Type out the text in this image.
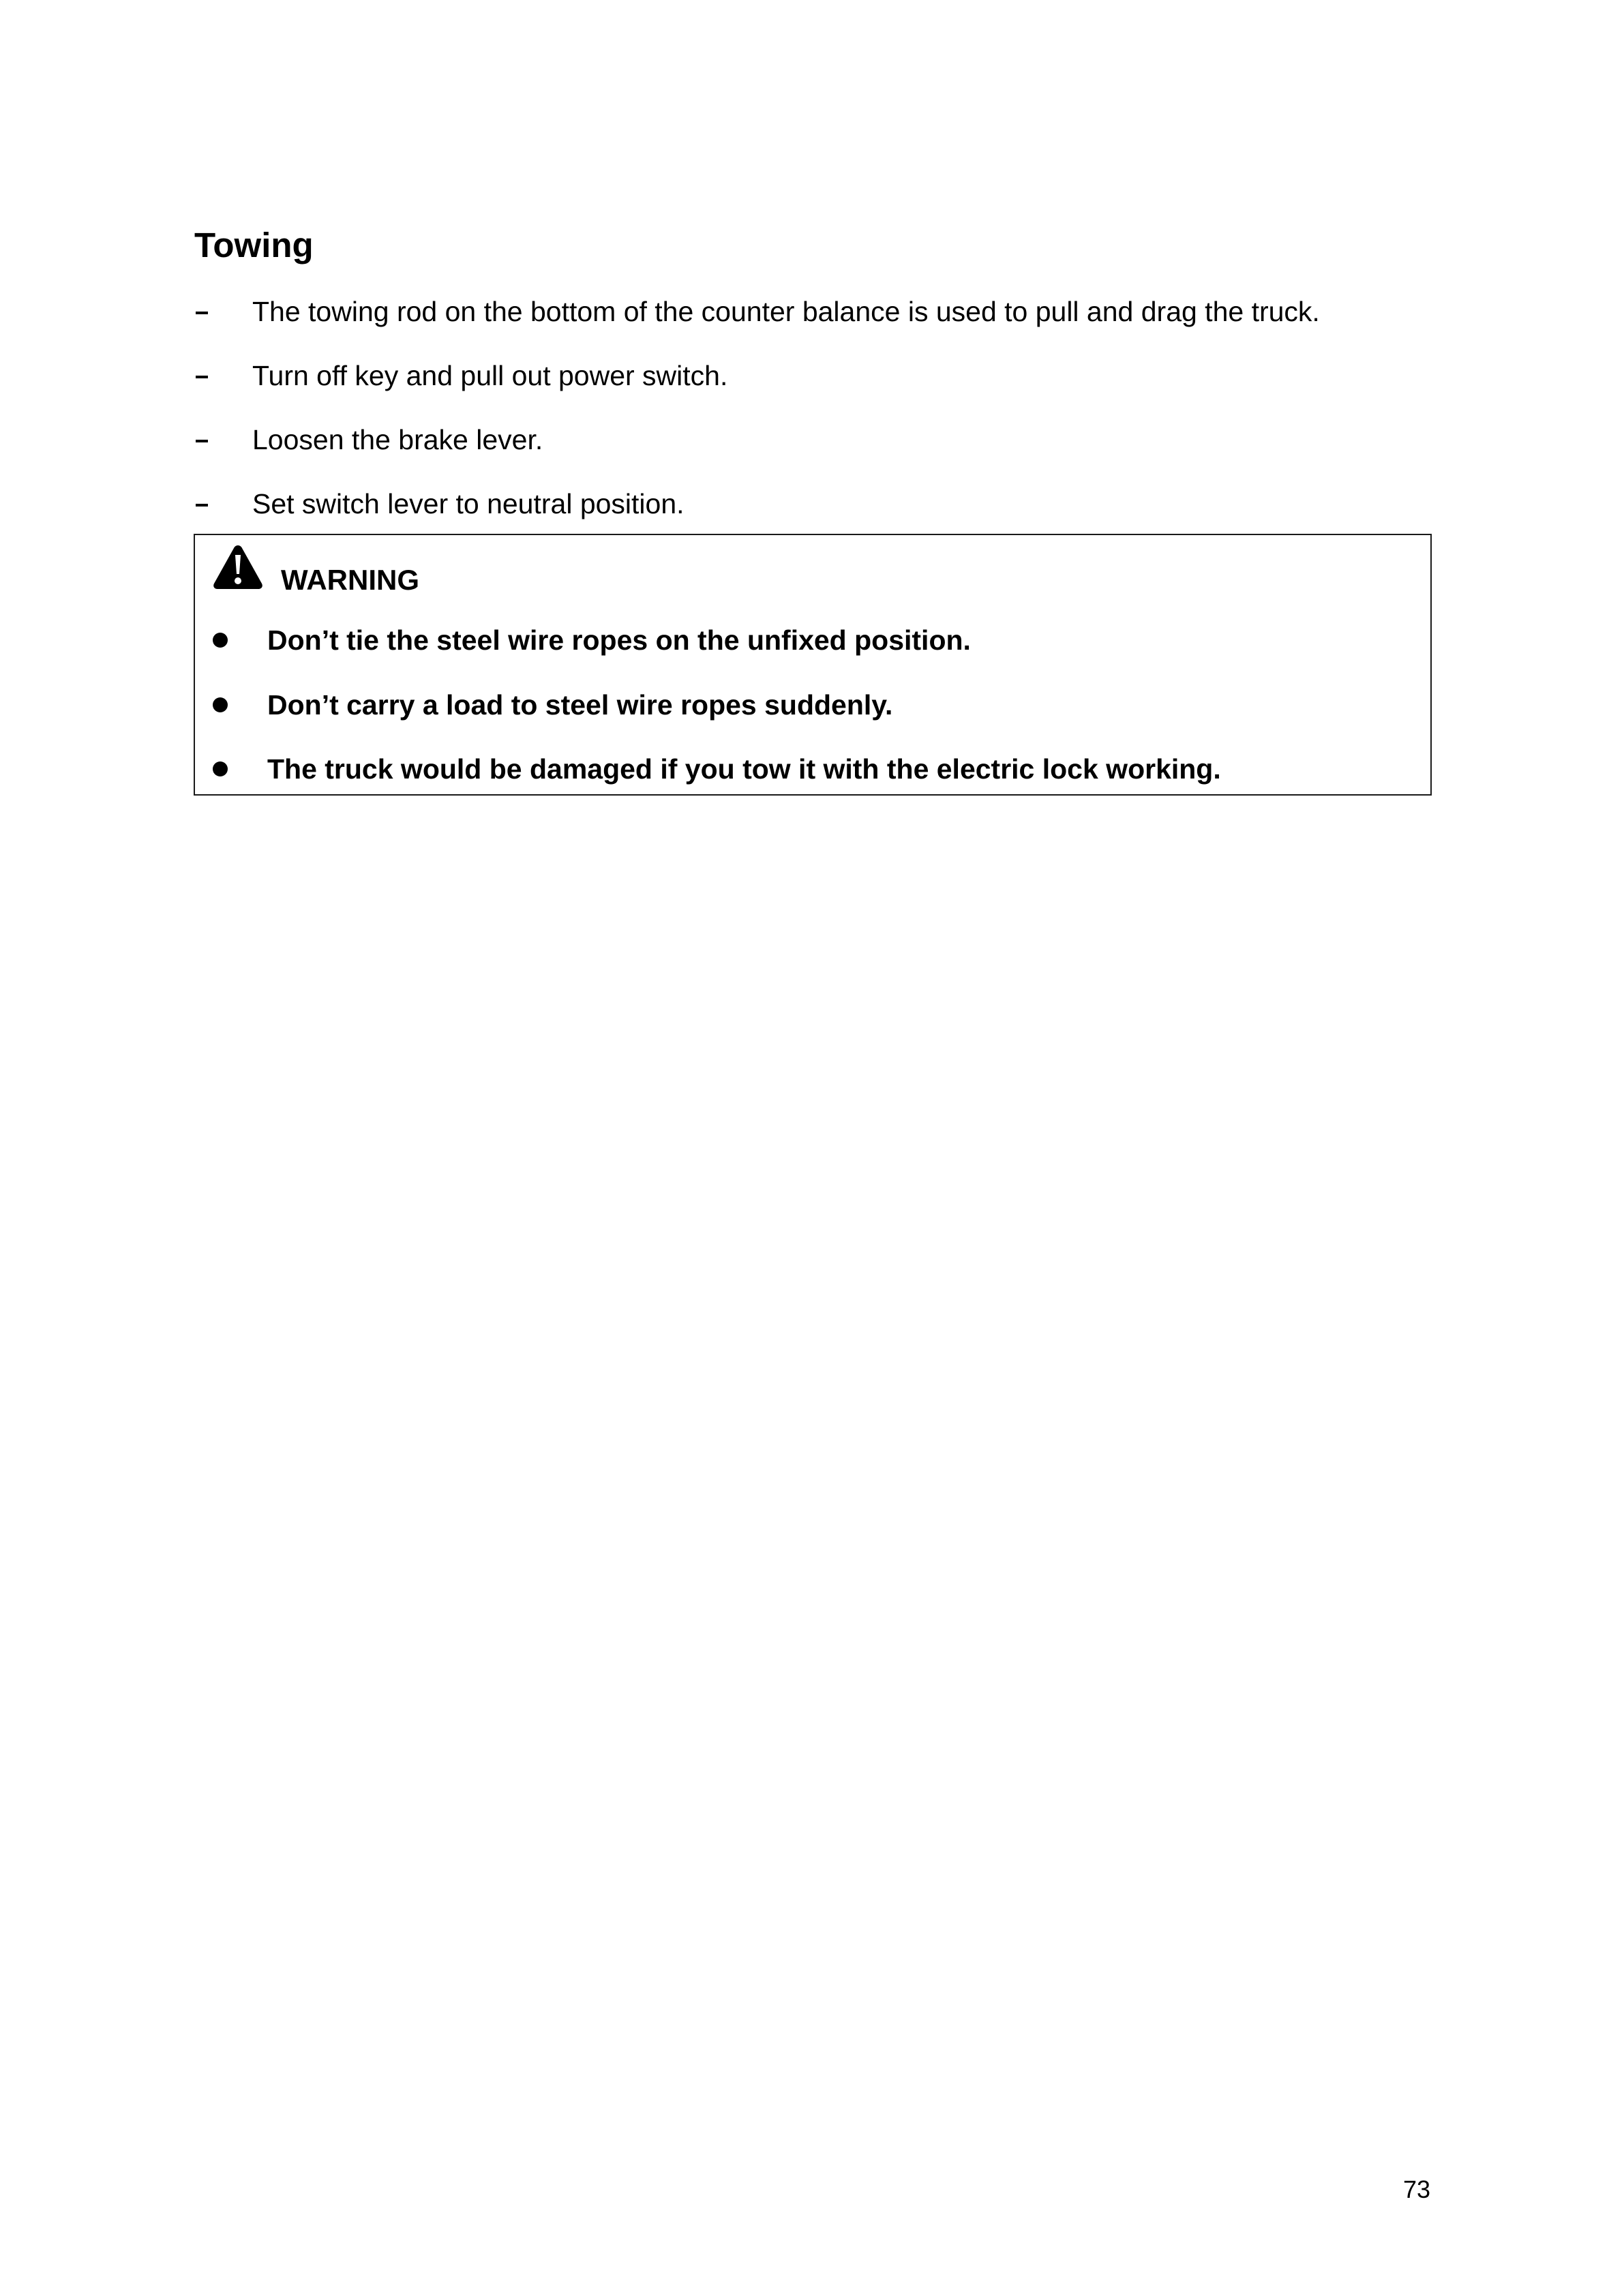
Towing
The towing rod on the bottom of the counter balance is used to pull and drag the truck.
Turn off key and pull out power switch.
Loosen the brake lever.
Set switch lever to neutral position.
WARNING
Don’t tie the steel wire ropes on the unfixed position.
Don’t carry a load to steel wire ropes suddenly.
The truck would be damaged if you tow it with the electric lock working.
73
